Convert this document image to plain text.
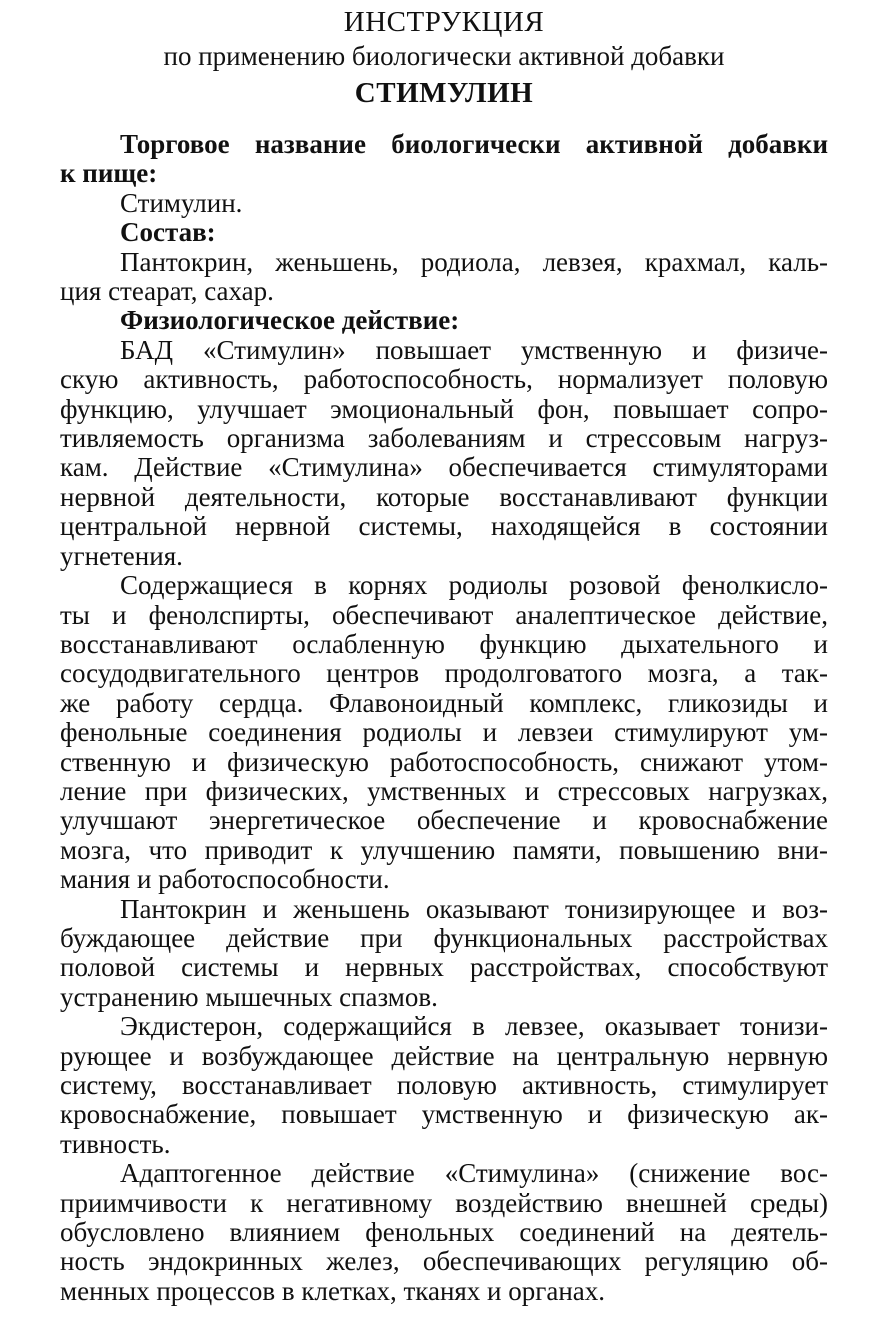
ИНСТРУКЦИЯ
по применению биологически активной добавки
СТИМУЛИН
Торговое название биологически активной добавки
к пище:
Стимулин.
Состав:
Пантокрин, женьшень, родиола, левзея, крахмал, каль-
ция стеарат, сахар.
Физиологическое действие:
БАД «Стимулин» повышает умственную и физиче-
скую активность, работоспособность, нормализует половую
функцию, улучшает эмоциональный фон, повышает сопро-
тивляемость организма заболеваниям и стрессовым нагруз-
кам. Действие «Стимулина» обеспечивается стимуляторами
нервной деятельности, которые восстанавливают функции
центральной нервной системы, находящейся в состоянии
угнетения.
Содержащиеся в корнях родиолы розовой фенолкисло-
ты и фенолспирты, обеспечивают аналептическое действие,
восстанавливают ослабленную функцию дыхательного и
сосудодвигательного центров продолговатого мозга, а так-
же работу сердца. Флавоноидный комплекс, гликозиды и
фенольные соединения родиолы и левзеи стимулируют ум-
ственную и физическую работоспособность, снижают утом-
ление при физических, умственных и стрессовых нагрузках,
улучшают энергетическое обеспечение и кровоснабжение
мозга, что приводит к улучшению памяти, повышению вни-
мания и работоспособности.
Пантокрин и женьшень оказывают тонизирующее и воз-
буждающее действие при функциональных расстройствах
половой системы и нервных расстройствах, способствуют
устранению мышечных спазмов.
Экдистерон, содержащийся в левзее, оказывает тонизи-
рующее и возбуждающее действие на центральную нервную
систему, восстанавливает половую активность, стимулирует
кровоснабжение, повышает умственную и физическую ак-
тивность.
Адаптогенное действие «Стимулина» (снижение вос-
приимчивости к негативному воздействию внешней среды)
обусловлено влиянием фенольных соединений на деятель-
ность эндокринных желез, обеспечивающих регуляцию об-
менных процессов в клетках, тканях и органах.
